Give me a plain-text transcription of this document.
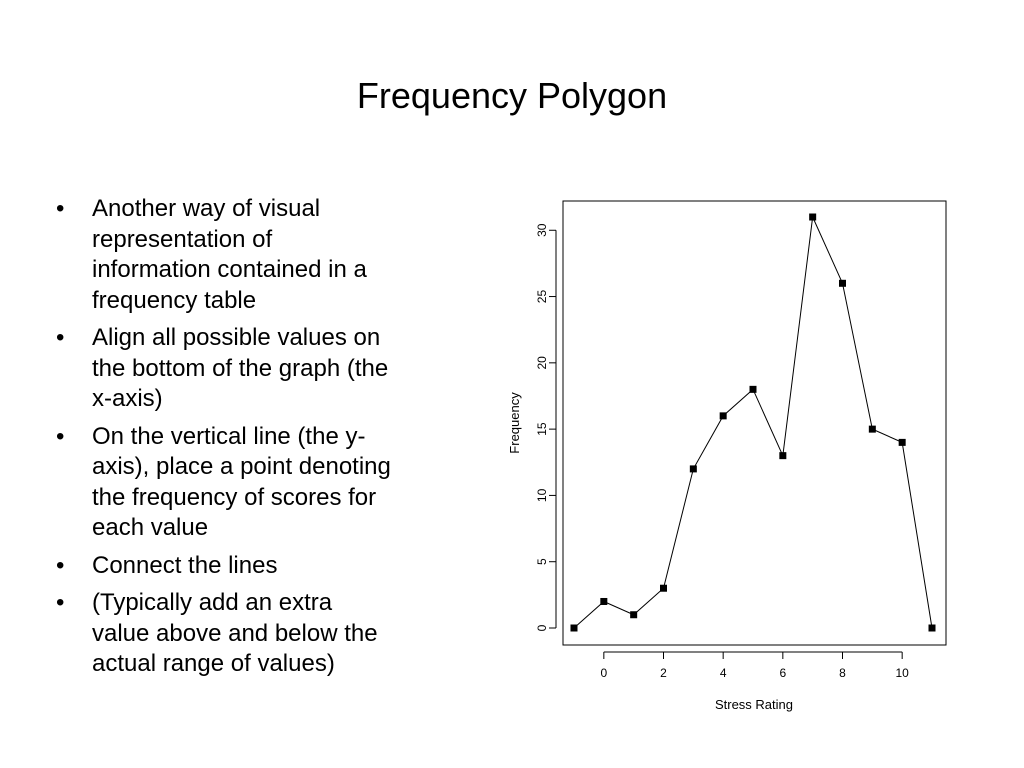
Frequency Polygon
• Another way of visual
representation of
information contained in a
frequency table
• Align all possible values on
the bottom of the graph (the
x-axis)
• On the vertical line (the y-
axis), place a point denoting
the frequency of scores for
each value
• Connect the lines
• (Typically add an extra
value above and below the
actual range of values)
0
5
10
15
20
25
30
0	2	4	6	8	10
Stress Rating
Frequency
